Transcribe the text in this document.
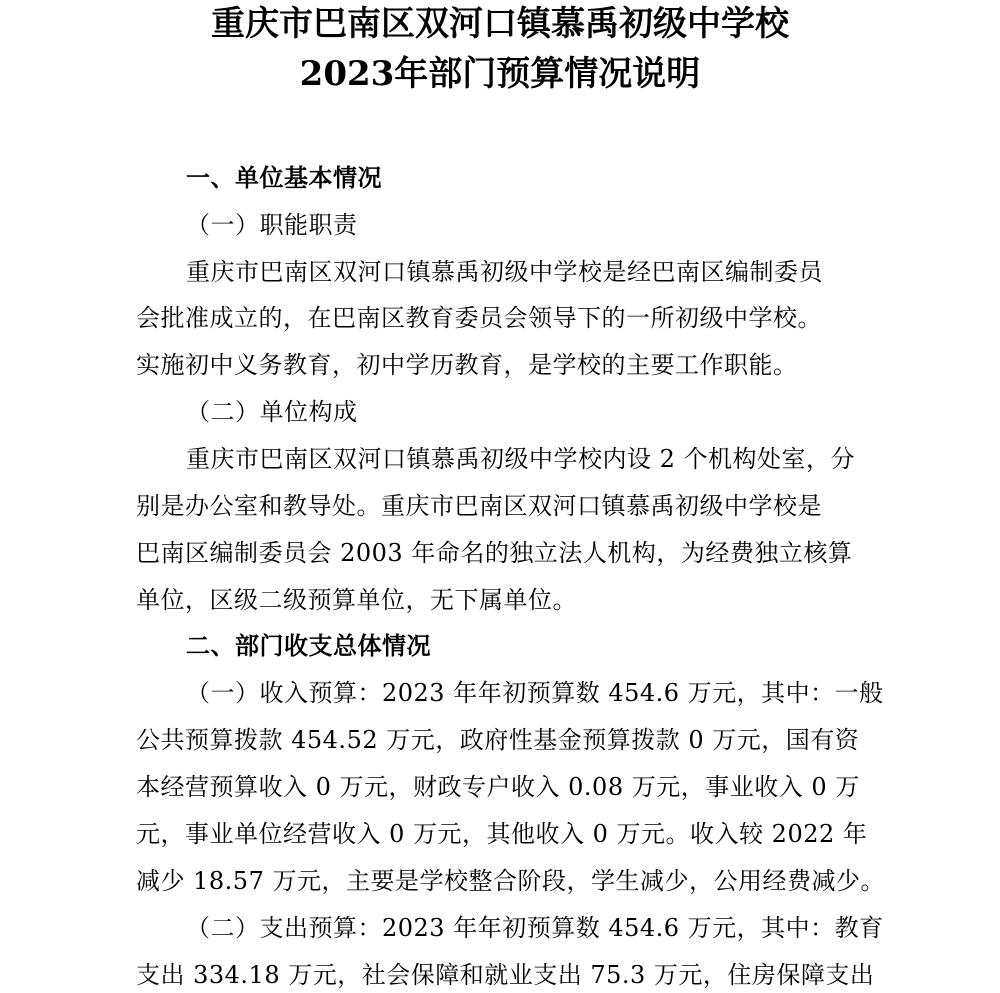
重庆市巴南区双河口镇慕禹初级中学校
2023年部门预算情况说明
一、单位基本情况
（一）职能职责
重庆市巴南区双河口镇慕禹初级中学校是经巴南区编制委员
会批准成立的，在巴南区教育委员会领导下的一所初级中学校。
实施初中义务教育，初中学历教育，是学校的主要工作职能。
（二）单位构成
重庆市巴南区双河口镇慕禹初级中学校内设 2 个机构处室，分
别是办公室和教导处。重庆市巴南区双河口镇慕禹初级中学校是
巴南区编制委员会 2003 年命名的独立法人机构，为经费独立核算
单位，区级二级预算单位，无下属单位。
二、部门收支总体情况
（一）收入预算：2023 年年初预算数 454.6 万元，其中：一般
公共预算拨款 454.52 万元，政府性基金预算拨款 0 万元，国有资
本经营预算收入 0 万元，财政专户收入 0.08 万元，事业收入 0 万
元，事业单位经营收入 0 万元，其他收入 0 万元。收入较 2022 年
减少 18.57 万元，主要是学校整合阶段，学生减少，公用经费减少。
（二）支出预算：2023 年年初预算数 454.6 万元，其中：教育
支出 334.18 万元，社会保障和就业支出 75.3 万元，住房保障支出
